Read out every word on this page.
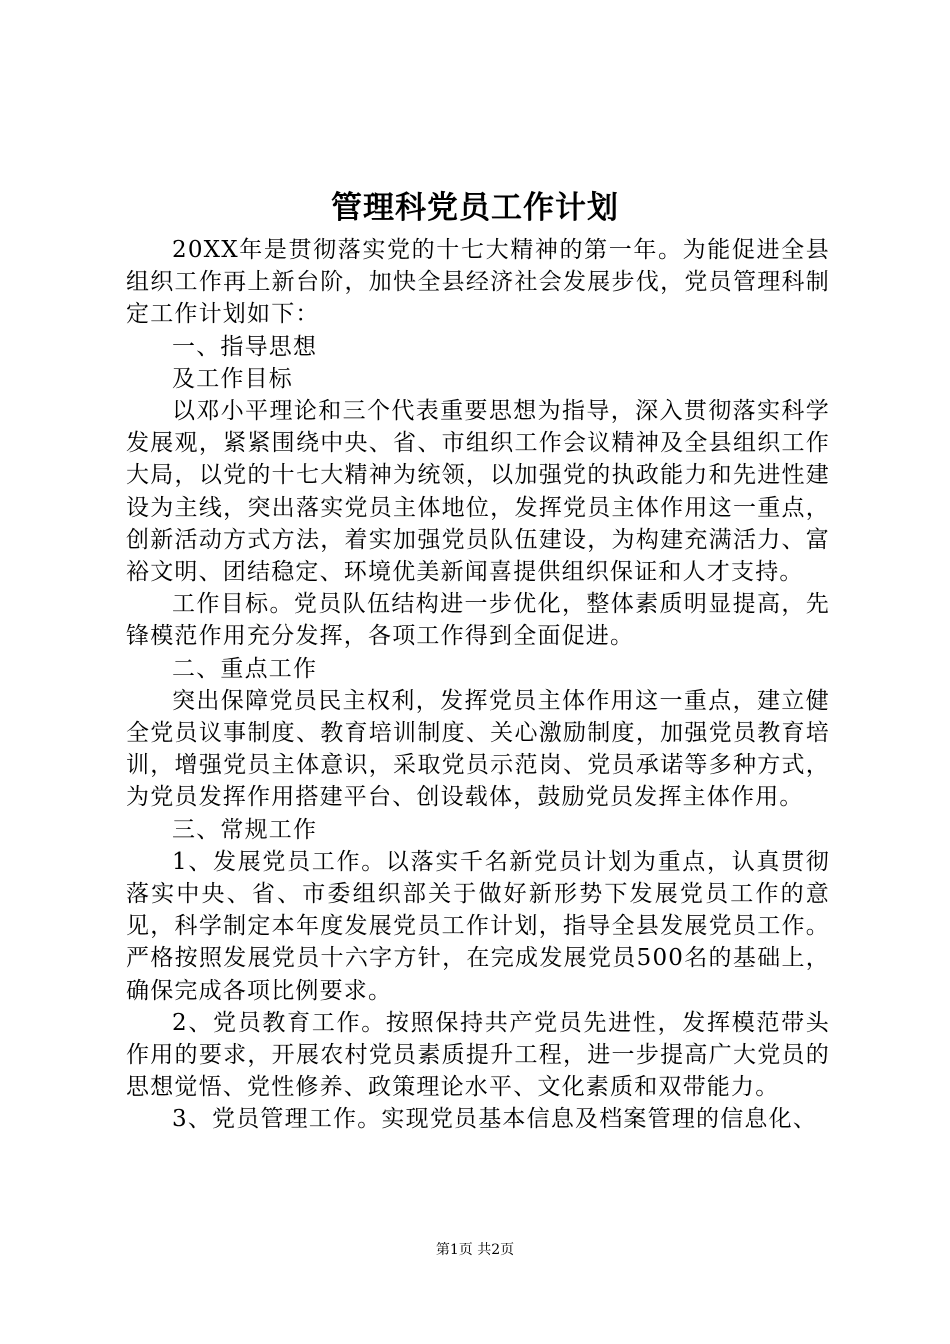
管理科党员工作计划

20XX年是贯彻落实党的十七大精神的第一年。为能促进全县组织工作再上新台阶，加快全县经济社会发展步伐，党员管理科制定工作计划如下：

一、指导思想

及工作目标

以邓小平理论和三个代表重要思想为指导，深入贯彻落实科学发展观，紧紧围绕中央、省、市组织工作会议精神及全县组织工作大局，以党的十七大精神为统领，以加强党的执政能力和先进性建设为主线，突出落实党员主体地位，发挥党员主体作用这一重点，创新活动方式方法，着实加强党员队伍建设，为构建充满活力、富裕文明、团结稳定、环境优美新闻喜提供组织保证和人才支持。

工作目标。党员队伍结构进一步优化，整体素质明显提高，先锋模范作用充分发挥，各项工作得到全面促进。

二、重点工作

突出保障党员民主权利，发挥党员主体作用这一重点，建立健全党员议事制度、教育培训制度、关心激励制度，加强党员教育培训，增强党员主体意识，采取党员示范岗、党员承诺等多种方式，为党员发挥作用搭建平台、创设载体，鼓励党员发挥主体作用。

三、常规工作

1、发展党员工作。以落实千名新党员计划为重点，认真贯彻落实中央、省、市委组织部关于做好新形势下发展党员工作的意见，科学制定本年度发展党员工作计划，指导全县发展党员工作。严格按照发展党员十六字方针，在完成发展党员500名的基础上，确保完成各项比例要求。

2、党员教育工作。按照保持共产党员先进性，发挥模范带头作用的要求，开展农村党员素质提升工程，进一步提高广大党员的思想觉悟、党性修养、政策理论水平、文化素质和双带能力。

3、党员管理工作。实现党员基本信息及档案管理的信息化、

第1页 共2页
